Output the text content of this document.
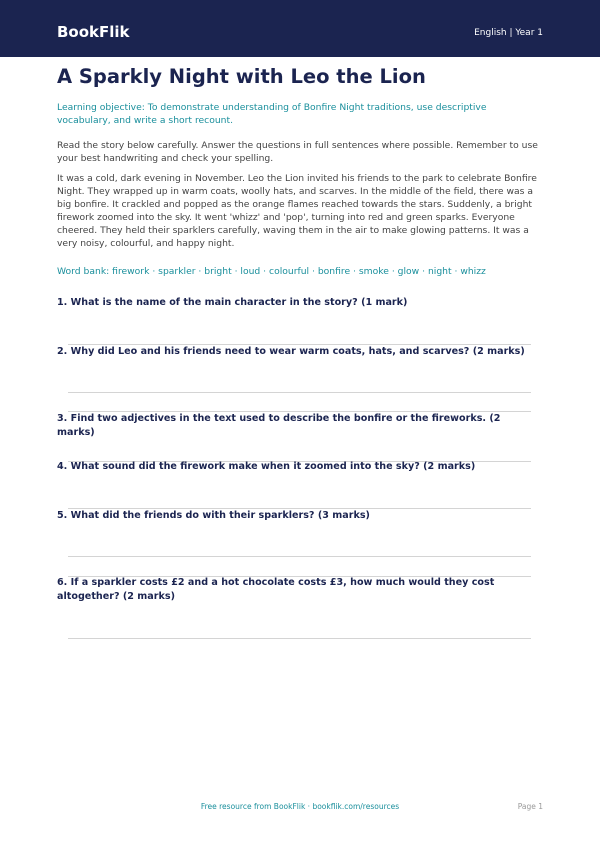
BookFlik	English | Year 1
A Sparkly Night with Leo the Lion
Learning objective: To demonstrate understanding of Bonfire Night traditions, use descriptive vocabulary, and write a short recount.
Read the story below carefully. Answer the questions in full sentences where possible. Remember to use your best handwriting and check your spelling.
It was a cold, dark evening in November. Leo the Lion invited his friends to the park to celebrate Bonfire Night. They wrapped up in warm coats, woolly hats, and scarves. In the middle of the field, there was a big bonfire. It crackled and popped as the orange flames reached towards the stars. Suddenly, a bright firework zoomed into the sky. It went 'whizz' and 'pop', turning into red and green sparks. Everyone cheered. They held their sparklers carefully, waving them in the air to make glowing patterns. It was a very noisy, colourful, and happy night.
Word bank: firework · sparkler · bright · loud · colourful · bonfire · smoke · glow · night · whizz
1. What is the name of the main character in the story? (1 mark)
2. Why did Leo and his friends need to wear warm coats, hats, and scarves? (2 marks)
3. Find two adjectives in the text used to describe the bonfire or the fireworks. (2 marks)
4. What sound did the firework make when it zoomed into the sky? (2 marks)
5. What did the friends do with their sparklers? (3 marks)
6. If a sparkler costs £2 and a hot chocolate costs £3, how much would they cost altogether? (2 marks)
Free resource from BookFlik · bookflik.com/resources	Page 1
